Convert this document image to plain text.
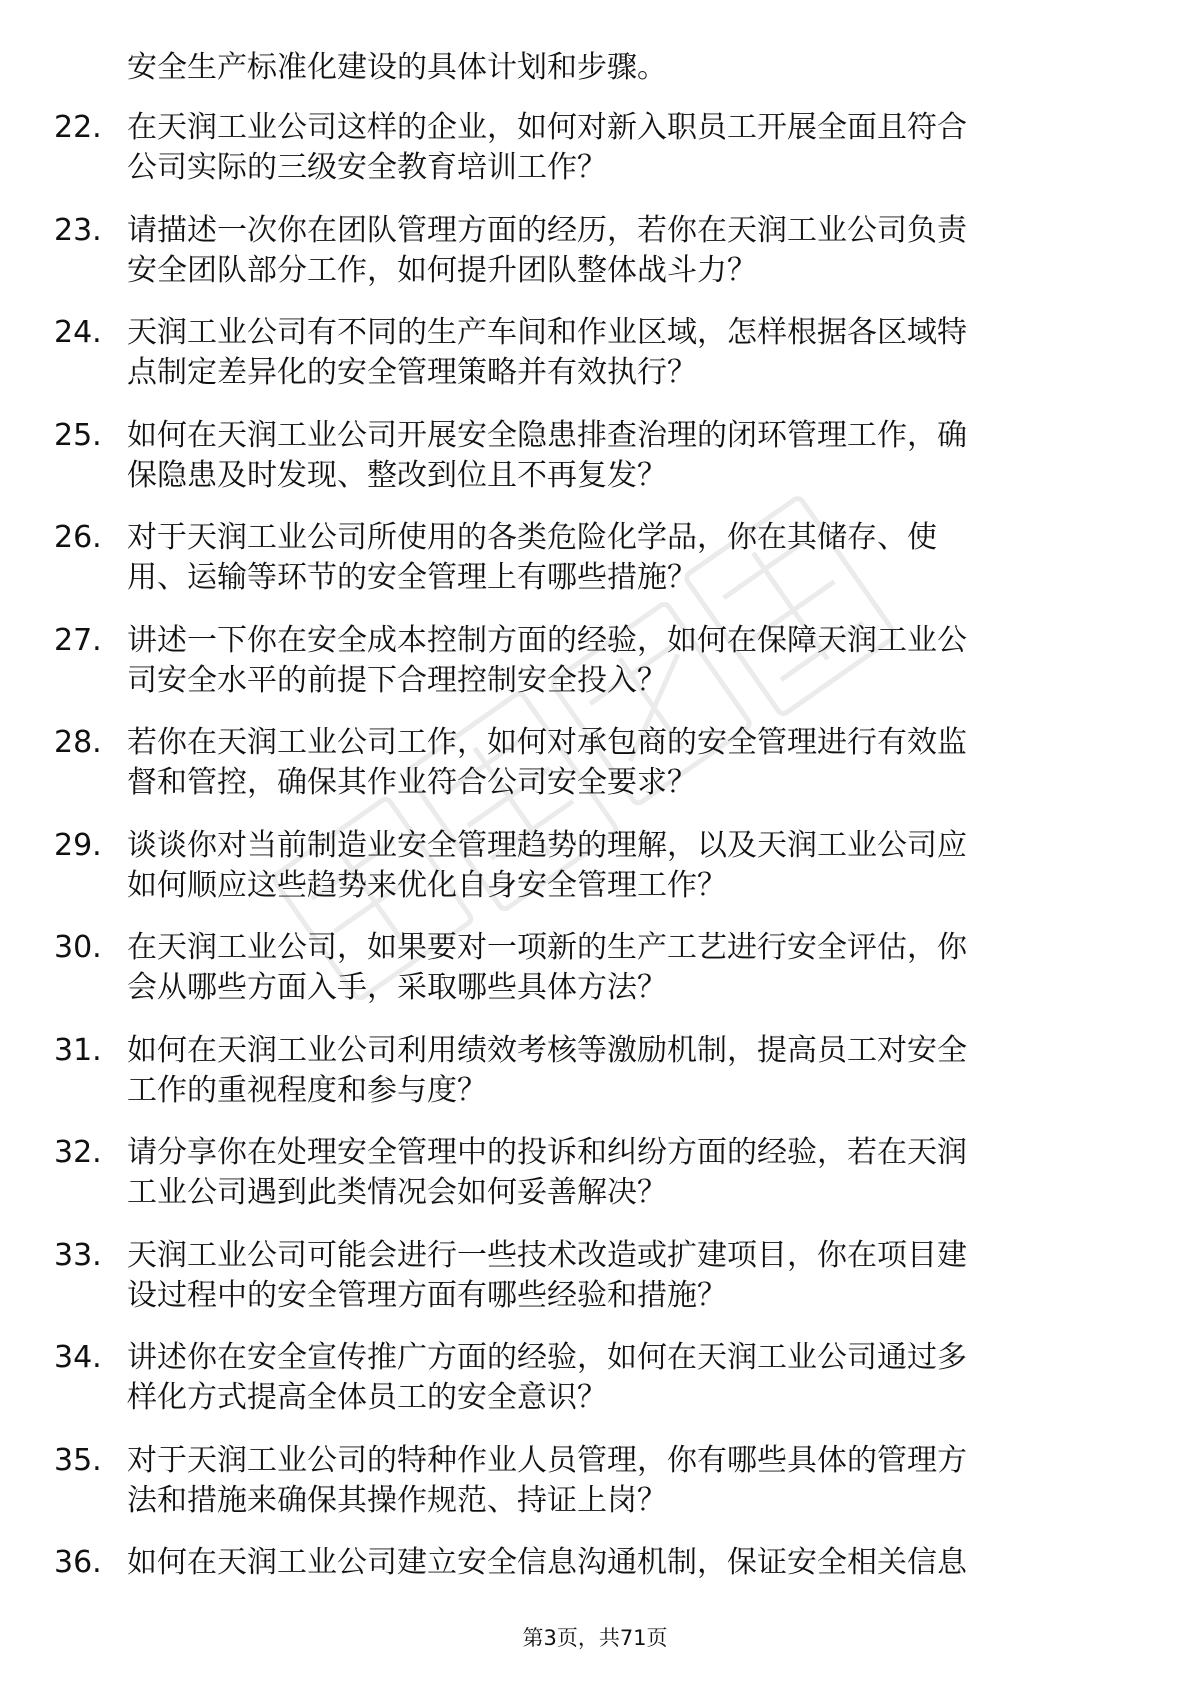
安全生产标准化建设的具体计划和步骤。
22. 在天润工业公司这样的企业，如何对新入职员工开展全面且符合
公司实际的三级安全教育培训工作？
23. 请描述一次你在团队管理方面的经历，若你在天润工业公司负责
安全团队部分工作，如何提升团队整体战斗力？
24. 天润工业公司有不同的生产车间和作业区域，怎样根据各区域特
点制定差异化的安全管理策略并有效执行？
25. 如何在天润工业公司开展安全隐患排查治理的闭环管理工作，确
保隐患及时发现、整改到位且不再复发？
26. 对于天润工业公司所使用的各类危险化学品，你在其储存、使
用、运输等环节的安全管理上有哪些措施？
27. 讲述一下你在安全成本控制方面的经验，如何在保障天润工业公
司安全水平的前提下合理控制安全投入？
28. 若你在天润工业公司工作，如何对承包商的安全管理进行有效监
督和管控，确保其作业符合公司安全要求？
29. 谈谈你对当前制造业安全管理趋势的理解，以及天润工业公司应
如何顺应这些趋势来优化自身安全管理工作？
30. 在天润工业公司，如果要对一项新的生产工艺进行安全评估，你
会从哪些方面入手，采取哪些具体方法？
31. 如何在天润工业公司利用绩效考核等激励机制，提高员工对安全
工作的重视程度和参与度？
32. 请分享你在处理安全管理中的投诉和纠纷方面的经验，若在天润
工业公司遇到此类情况会如何妥善解决？
33. 天润工业公司可能会进行一些技术改造或扩建项目，你在项目建
设过程中的安全管理方面有哪些经验和措施？
34. 讲述你在安全宣传推广方面的经验，如何在天润工业公司通过多
样化方式提高全体员工的安全意识？
35. 对于天润工业公司的特种作业人员管理，你有哪些具体的管理方
法和措施来确保其操作规范、持证上岗？
36. 如何在天润工业公司建立安全信息沟通机制，保证安全相关信息
第3页，共71页
